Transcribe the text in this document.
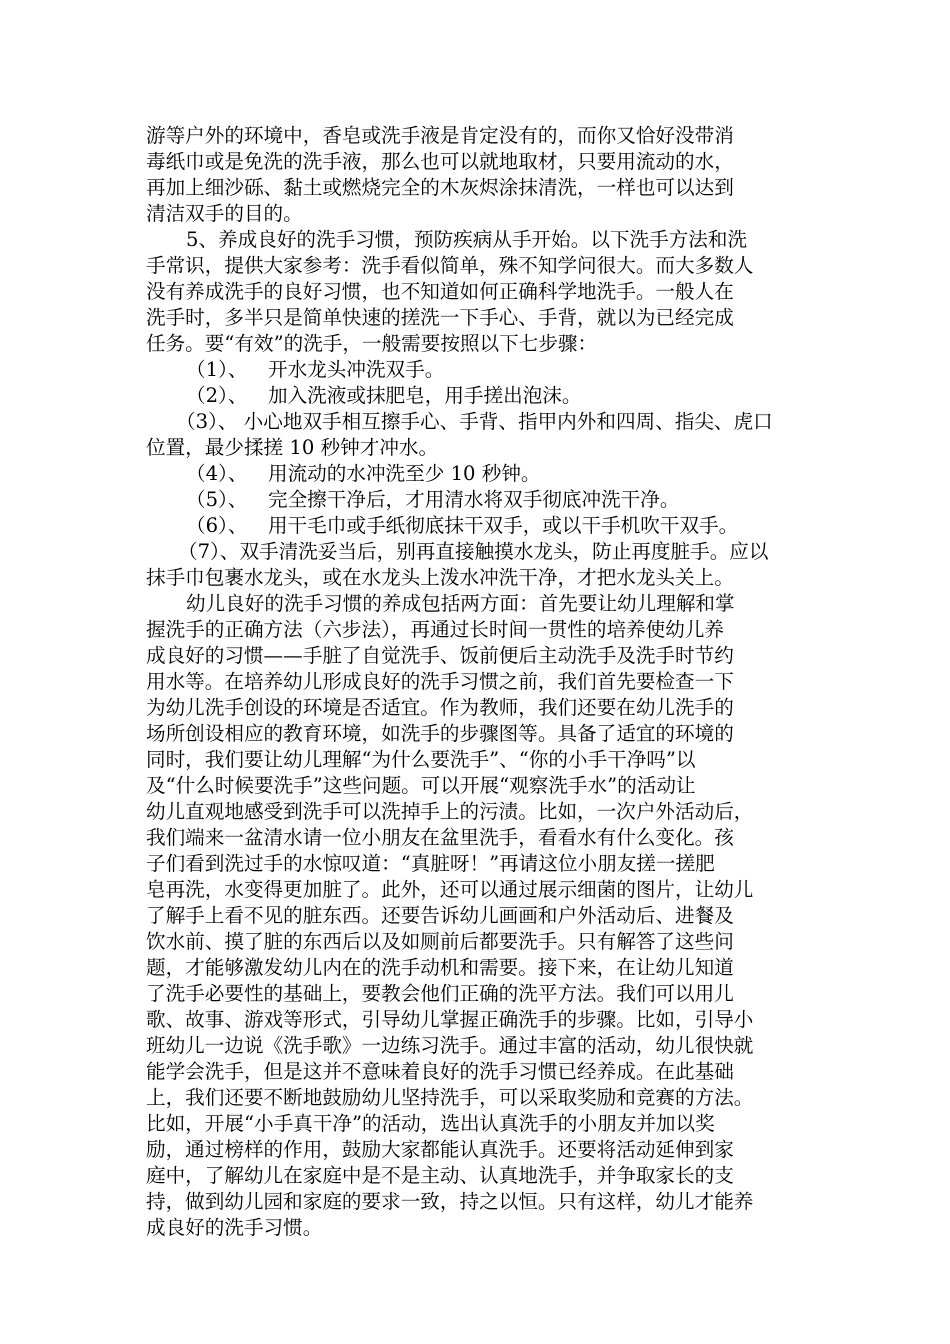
游等户外的环境中，香皂或洗手液是肯定没有的，而你又恰好没带消
毒纸巾或是免洗的洗手液，那么也可以就地取材，只要用流动的水，
再加上细沙砾、黏土或燃烧完全的木灰烬涂抹清洗，一样也可以达到
清洁双手的目的。
5、养成良好的洗手习惯，预防疾病从手开始。以下洗手方法和洗
手常识，提供大家参考：洗手看似简单，殊不知学问很大。而大多数人
没有养成洗手的良好习惯，也不知道如何正确科学地洗手。一般人在
洗手时，多半只是简单快速的搓洗一下手心、手背，就以为已经完成
任务。要“有效”的洗手，一般需要按照以下七步骤：
（1）、	开水龙头冲洗双手。
（2）、	加入洗液或抹肥皂，用手搓出泡沫。
（3）、 小心地双手相互擦手心、手背、指甲内外和四周、指尖、虎口
位置，最少揉搓 10 秒钟才冲水。
（4）、	用流动的水冲洗至少 10 秒钟。
（5）、	完全擦干净后，才用清水将双手彻底冲洗干净。
（6）、	用干毛巾或手纸彻底抹干双手，或以干手机吹干双手。
（7）、双手清洗妥当后，别再直接触摸水龙头，防止再度脏手。应以
抹手巾包裹水龙头，或在水龙头上泼水冲洗干净，才把水龙头关上。
幼儿良好的洗手习惯的养成包括两方面：首先要让幼儿理解和掌
握洗手的正确方法（六步法），再通过长时间一贯性的培养使幼儿养
成良好的习惯——手脏了自觉洗手、饭前便后主动洗手及洗手时节约
用水等。在培养幼儿形成良好的洗手习惯之前，我们首先要检查一下
为幼儿洗手创设的环境是否适宜。作为教师，我们还要在幼儿洗手的
场所创设相应的教育环境，如洗手的步骤图等。具备了适宜的环境的
同时，我们要让幼儿理解“为什么要洗手”、“你的小手干净吗”以
及“什么时候要洗手”这些问题。可以开展“观察洗手水”的活动让
幼儿直观地感受到洗手可以洗掉手上的污渍。比如，一次户外活动后，
我们端来一盆清水请一位小朋友在盆里洗手，看看水有什么变化。孩
子们看到洗过手的水惊叹道：“真脏呀！”再请这位小朋友搓一搓肥
皂再洗，水变得更加脏了。此外，还可以通过展示细菌的图片，让幼儿
了解手上看不见的脏东西。还要告诉幼儿画画和户外活动后、进餐及
饮水前、摸了脏的东西后以及如厕前后都要洗手。只有解答了这些问
题，才能够激发幼儿内在的洗手动机和需要。接下来，在让幼儿知道
了洗手必要性的基础上，要教会他们正确的洗平方法。我们可以用儿
歌、故事、游戏等形式，引导幼儿掌握正确洗手的步骤。比如，引导小
班幼儿一边说《洗手歌》一边练习洗手。通过丰富的活动，幼儿很快就
能学会洗手，但是这并不意味着良好的洗手习惯已经养成。在此基础
上，我们还要不断地鼓励幼儿坚持洗手，可以采取奖励和竞赛的方法。
比如，开展“小手真干净”的活动，选出认真洗手的小朋友并加以奖
励，通过榜样的作用，鼓励大家都能认真洗手。还要将活动延伸到家
庭中，了解幼儿在家庭中是不是主动、认真地洗手，并争取家长的支
持，做到幼儿园和家庭的要求一致，持之以恒。只有这样，幼儿才能养
成良好的洗手习惯。
